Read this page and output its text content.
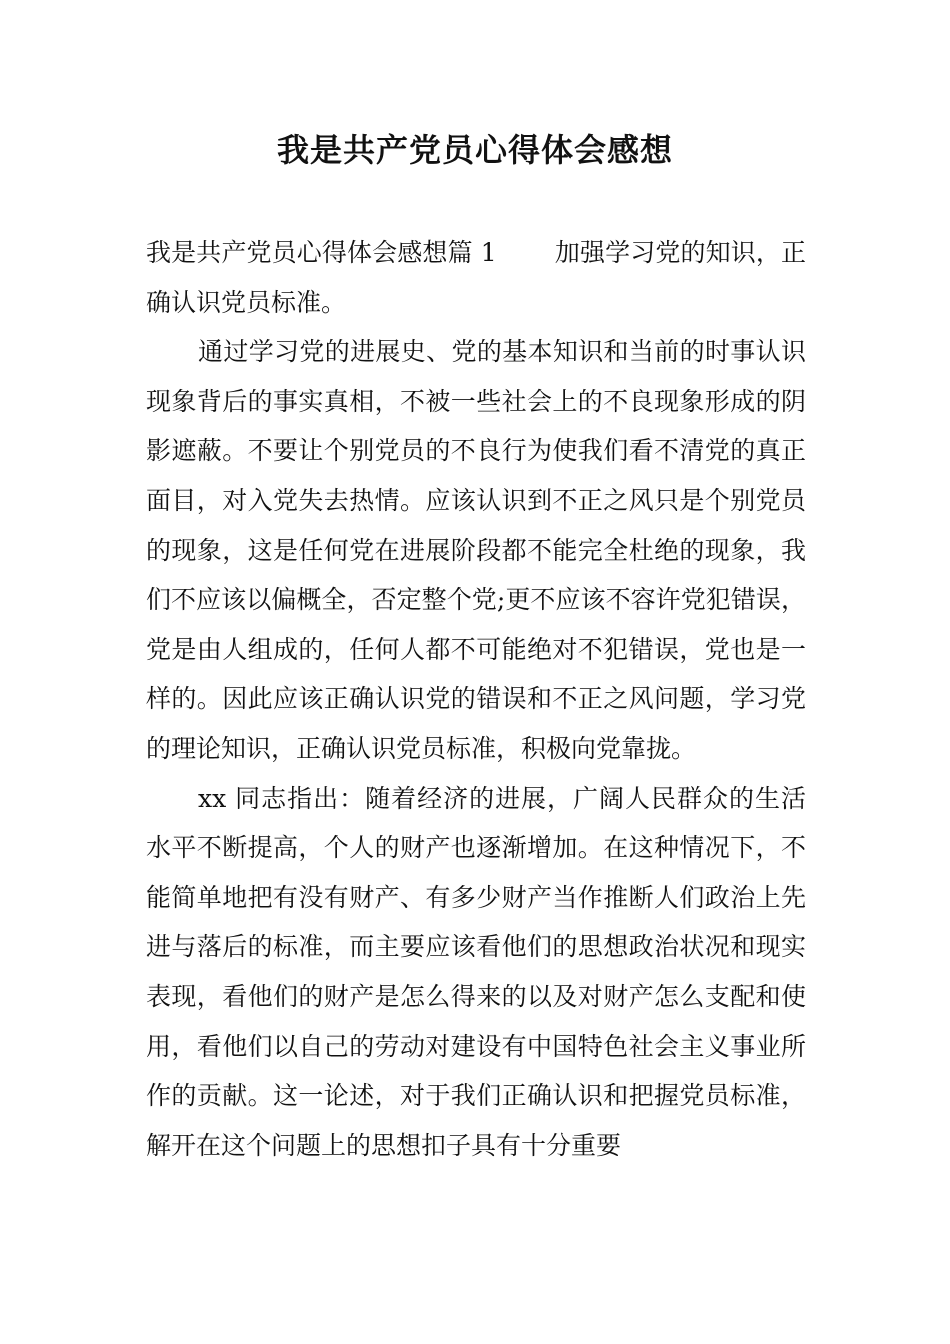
我是共产党员心得体会感想

我是共产党员心得体会感想篇 1 加强学习党的知识，正确认识党员标准。

通过学习党的进展史、党的基本知识和当前的时事认识现象背后的事实真相，不被一些社会上的不良现象形成的阴影遮蔽。不要让个别党员的不良行为使我们看不清党的真正面目，对入党失去热情。应该认识到不正之风只是个别党员的现象，这是任何党在进展阶段都不能完全杜绝的现象，我们不应该以偏概全，否定整个党;更不应该不容许党犯错误，党是由人组成的，任何人都不可能绝对不犯错误，党也是一样的。因此应该正确认识党的错误和不正之风问题，学习党的理论知识，正确认识党员标准，积极向党靠拢。

xx 同志指出：随着经济的进展，广阔人民群众的生活水平不断提高，个人的财产也逐渐增加。在这种情况下，不能简单地把有没有财产、有多少财产当作推断人们政治上先进与落后的标准，而主要应该看他们的思想政治状况和现实表现，看他们的财产是怎么得来的以及对财产怎么支配和使用，看他们以自己的劳动对建设有中国特色社会主义事业所作的贡献。这一论述，对于我们正确认识和把握党员标准，解开在这个问题上的思想扣子具有十分重要
